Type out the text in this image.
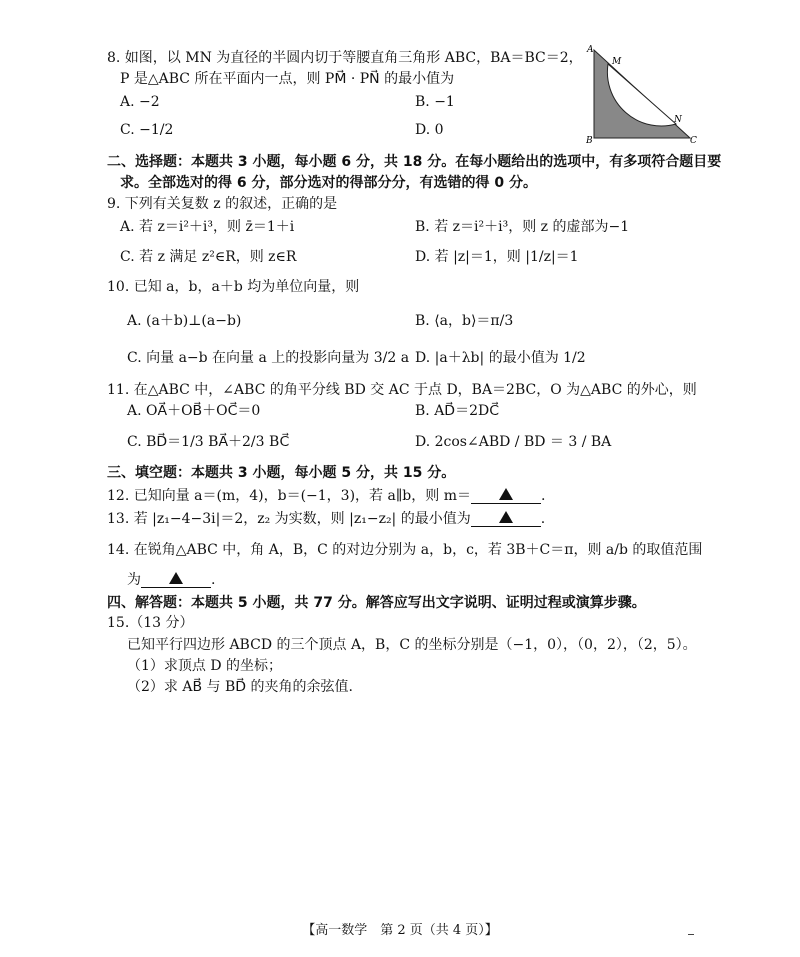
8. 如图，以 MN 为直径的半圆内切于等腰直角三角形 ABC，BA＝BC＝2，
P 是△ABC 所在平面内一点，则 PM⃗ · PN⃗ 的最小值为
A. −2	B. −1
C. −1/2	D. 0
A
B	C
M
N
二、选择题：本题共 3 小题，每小题 6 分，共 18 分。在每小题给出的选项中，有多项符合题目要
求。全部选对的得 6 分，部分选对的得部分分，有选错的得 0 分。
9. 下列有关复数 z 的叙述，正确的是
A. 若 z＝i²＋i³，则 z̄＝1＋i	B. 若 z＝i²＋i³，则 z 的虚部为−1
C. 若 z 满足 z²∈R，则 z∈R	D. 若 |z|＝1，则 |1/z|＝1
10. 已知 a，b，a＋b 均为单位向量，则
A. (a＋b)⊥(a−b)	B. ⟨a，b⟩＝π/3
C. 向量 a−b 在向量 a 上的投影向量为 3/2 a D. |a＋λb| 的最小值为 1/2
11. 在△ABC 中，∠ABC 的角平分线 BD 交 AC 于点 D，BA＝2BC，O 为△ABC 的外心，则
A. OA⃗＋OB⃗＋OC⃗＝0	B. AD⃗＝2DC⃗
C. BD⃗＝1/3 BA⃗＋2/3 BC⃗	D. 2cos∠ABD / BD ＝ 3 / BA
三、填空题：本题共 3 小题，每小题 5 分，共 15 分。
12. 已知向量 a＝(m，4)，b＝(−1，3)，若 a∥b，则 m＝	.
13. 若 |z₁−4−3i|＝2，z₂ 为实数，则 |z₁−z₂| 的最小值为	.
14. 在锐角△ABC 中，角 A，B，C 的对边分别为 a，b，c，若 3B＋C＝π，则 a/b 的取值范围
为	.
四、解答题：本题共 5 小题，共 77 分。解答应写出文字说明、证明过程或演算步骤。
15.（13 分）
已知平行四边形 ABCD 的三个顶点 A，B，C 的坐标分别是（−1，0），（0，2），（2，5）。
（1）求顶点 D 的坐标；
（2）求 AB⃗ 与 BD⃗ 的夹角的余弦值.
【高一数学　第 2 页（共 4 页）】
